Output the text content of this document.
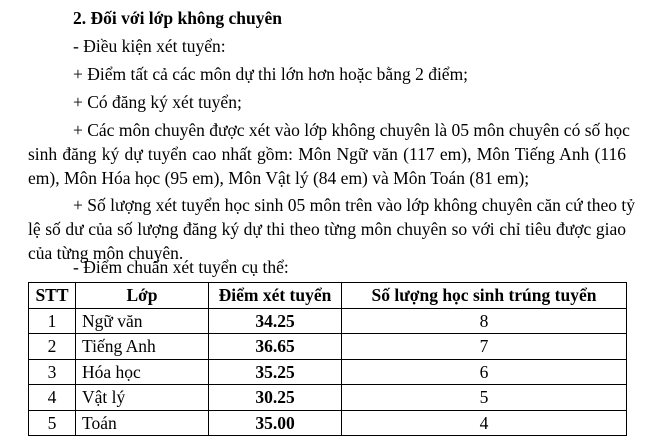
2. Đối với lớp không chuyên
- Điều kiện xét tuyển:
+ Điểm tất cả các môn dự thi lớn hơn hoặc bằng 2 điểm;
+ Có đăng ký xét tuyển;
+ Các môn chuyên được xét vào lớp không chuyên là 05 môn chuyên có số học
sinh đăng ký dự tuyển cao nhất gồm: Môn Ngữ văn (117 em), Môn Tiếng Anh (116
em), Môn Hóa học (95 em), Môn Vật lý (84 em) và Môn Toán (81 em);
+ Số lượng xét tuyển học sinh 05 môn trên vào lớp không chuyên căn cứ theo tỷ
lệ số dư của số lượng đăng ký dự thi theo từng môn chuyên so với chỉ tiêu được giao
của từng môn chuyên.
- Điểm chuẩn xét tuyển cụ thể:
STT	Lớp	Điểm xét tuyển	Số lượng học sinh trúng tuyển
1	Ngữ văn	34.25	8
2	Tiếng Anh	36.65	7
3	Hóa học	35.25	6
4	Vật lý	30.25	5
5	Toán	35.00	4
